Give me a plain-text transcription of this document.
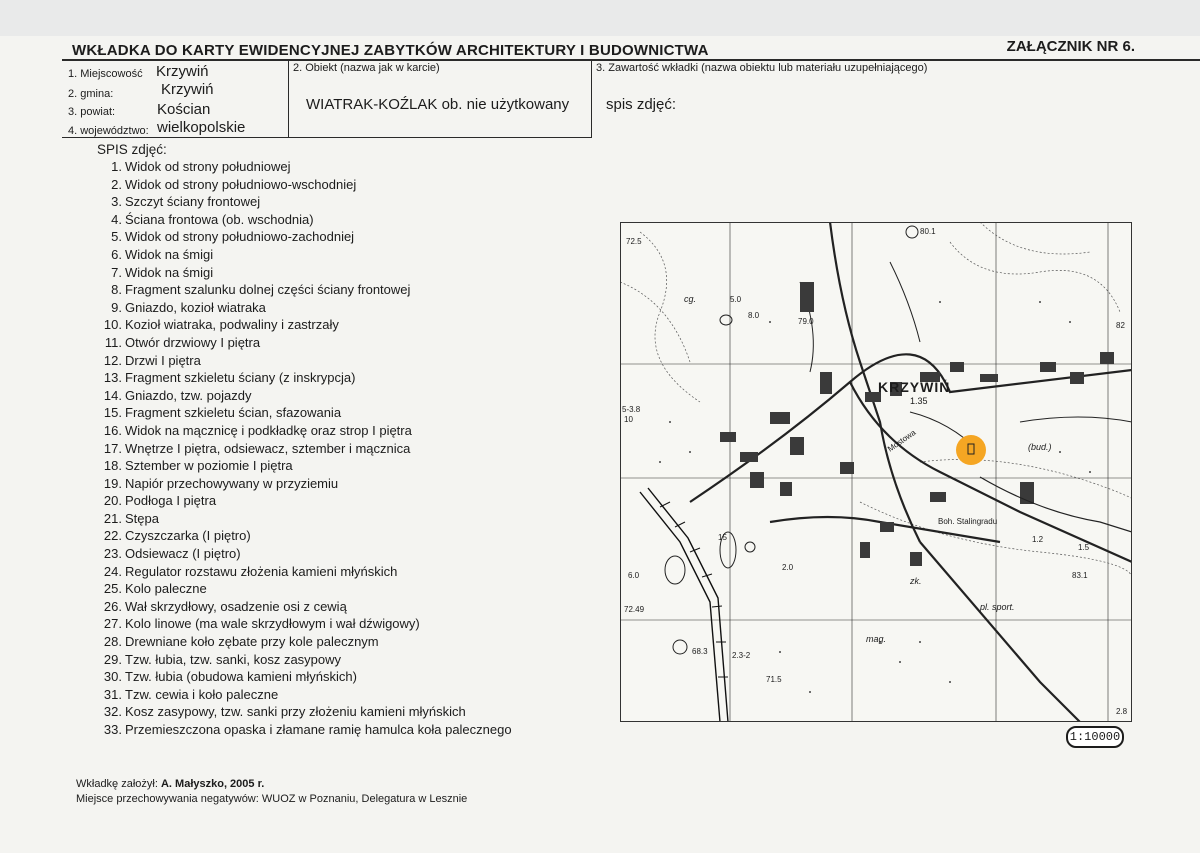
WKŁADKA DO KARTY EWIDENCYJNEJ ZABYTKÓW ARCHITEKTURY I BUDOWNICTWA	ZAŁĄCZNIK NR 6.
1. Miejscowość Krzywiń
2. gmina:	Krzywiń
3. powiat:	Kościan
4. województwo: wielkopolskie
2. Obiekt (nazwa jak w karcie)
WIATRAK-KOŹLAK ob. nie użytkowany
3. Zawartość wkładki (nazwa obiektu lub materiału uzupełniającego)
spis zdjęć:
SPIS zdjęć:
1. Widok od strony południowej
2. Widok od strony południowo-wschodniej
3. Szczyt ściany frontowej
4. Ściana frontowa (ob. wschodnia)
5. Widok od strony południowo-zachodniej
6. Widok na śmigi
7. Widok na śmigi
8. Fragment szalunku dolnej części ściany frontowej
9. Gniazdo, kozioł wiatraka
10. Kozioł wiatraka, podwaliny i zastrzały
11. Otwór drzwiowy I piętra
12. Drzwi I piętra
13. Fragment szkieletu ściany (z inskrypcja)
14. Gniazdo, tzw. pojazdy
15. Fragment szkieletu ścian, sfazowania
16. Widok na mącznicę i podkładkę oraz strop I piętra
17. Wnętrze I piętra, odsiewacz, sztember i mącznica
18. Sztember w poziomie I piętra
19. Napiór przechowywany w przyziemiu
20. Podłoga I piętra
21. Stępa
22. Czyszczarka (I piętro)
23. Odsiewacz (I piętro)
24. Regulator rozstawu złożenia kamieni młyńskich
25. Kolo paleczne
26. Wał skrzydłowy, osadzenie osi z cewią
27. Kolo linowe (ma wale skrzydłowym i wał dźwigowy)
28. Drewniane koło zębate przy kole palecznym
29. Tzw. łubia, tzw. sanki, kosz zasypowy
30. Tzw. łubia (obudowa kamieni młyńskich)
31. Tzw. cewia i koło paleczne
32. Kosz zasypowy, tzw. sanki przy złożeniu kamieni młyńskich
33. Przemieszczona opaska i złamane ramię hamulca koła palecznego
KRZYWIŃ
1.35
Mostowa
Boh. Stalingradu
(bud.)
pl. sport.
mag.
cg.
zk.
72.5
79.0
8.0
5.0
80.1
82
83.1
72.49
68.3
71.5
2.3-2
1.5
1.2
2.8
6.0
5-3.8
10
15
2.0
1:10000
Wkładkę założył: A. Małyszko, 2005 r.
Miejsce przechowywania negatywów: WUOZ w Poznaniu, Delegatura w Lesznie
